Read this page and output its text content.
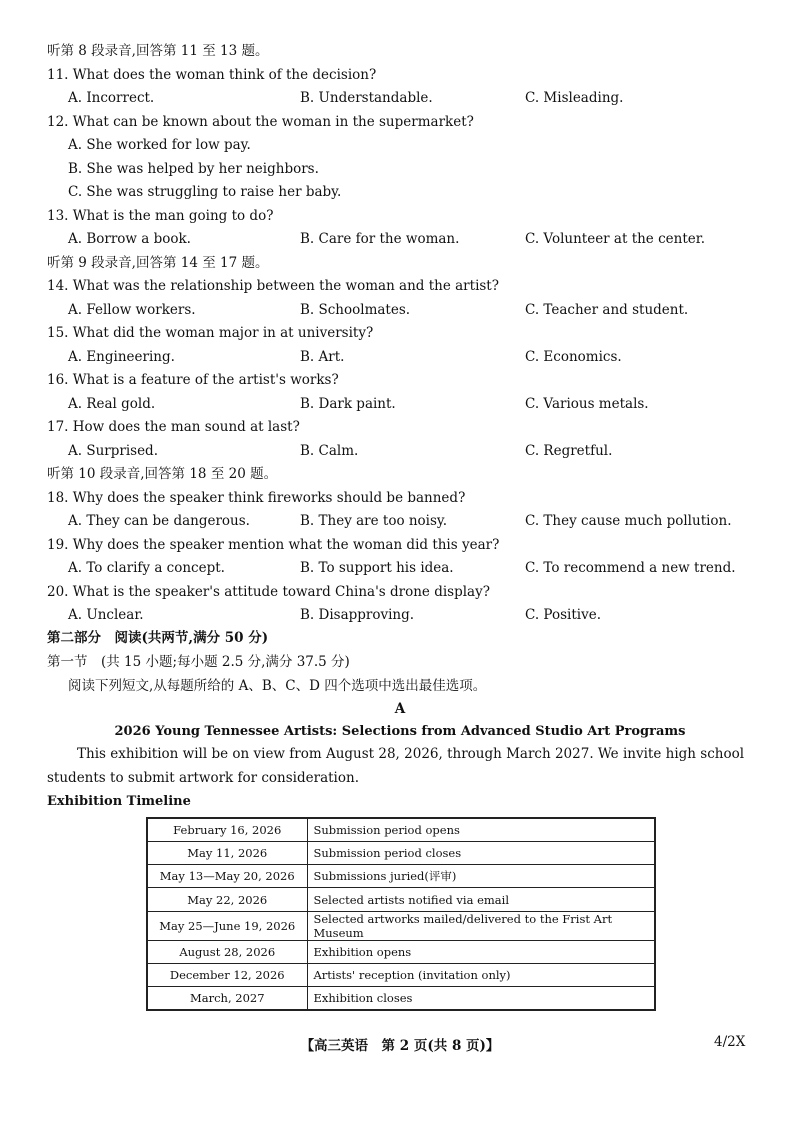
听第 8 段录音,回答第 11 至 13 题。
11. What does the woman think of the decision?
A. Incorrect.	B. Understandable.	C. Misleading.
12. What can be known about the woman in the supermarket?
A. She worked for low pay.
B. She was helped by her neighbors.
C. She was struggling to raise her baby.
13. What is the man going to do?
A. Borrow a book.	B. Care for the woman.	C. Volunteer at the center.
听第 9 段录音,回答第 14 至 17 题。
14. What was the relationship between the woman and the artist?
A. Fellow workers.	B. Schoolmates.	C. Teacher and student.
15. What did the woman major in at university?
A. Engineering.	B. Art.	C. Economics.
16. What is a feature of the artist's works?
A. Real gold.	B. Dark paint.	C. Various metals.
17. How does the man sound at last?
A. Surprised.	B. Calm.	C. Regretful.
听第 10 段录音,回答第 18 至 20 题。
18. Why does the speaker think fireworks should be banned?
A. They can be dangerous.	B. They are too noisy.	C. They cause much pollution.
19. Why does the speaker mention what the woman did this year?
A. To clarify a concept.	B. To support his idea.	C. To recommend a new trend.
20. What is the speaker's attitude toward China's drone display?
A. Unclear.	B. Disapproving.	C. Positive.
第二部分　阅读(共两节,满分 50 分)
第一节　(共 15 小题;每小题 2.5 分,满分 37.5 分)
阅读下列短文,从每题所给的 A、B、C、D 四个选项中选出最佳选项。
A
2026 Young Tennessee Artists: Selections from Advanced Studio Art Programs
This exhibition will be on view from August 28, 2026, through March 2027. We invite high school students to submit artwork for consideration.
Exhibition Timeline
February 16, 2026	Submission period opens
May 11, 2026	Submission period closes
May 13—May 20, 2026	Submissions juried(评审)
May 22, 2026	Selected artists notified via email
May 25—June 19, 2026	Selected artworks mailed/delivered to the Frist Art Museum
August 28, 2026	Exhibition opens
December 12, 2026	Artists' reception (invitation only)
March, 2027	Exhibition closes
【高三英语　第 2 页(共 8 页)】	4/2X
